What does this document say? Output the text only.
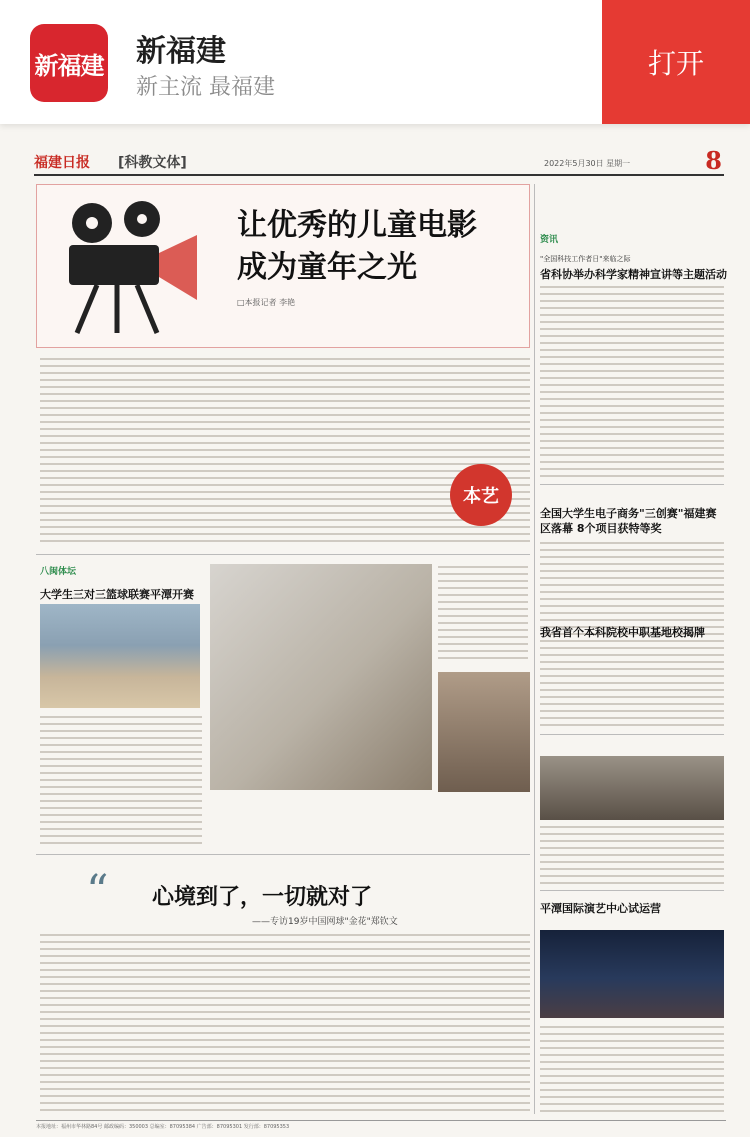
新福建 新福建
新主流 最福建
打开
福建日报 [科教文体]	2022年5月30日 星期一	8
让优秀的儿童电影
成为童年之光
□本报记者 李艳
本艺
资讯
"全国科技工作者日"来临之际
省科协举办科学家精神宣讲等主题活动
全国大学生电子商务"三创赛"福建赛区落幕 8个项目获特等奖
我省首个本科院校中职基地校揭牌
平潭国际演艺中心试运营
八闽体坛
大学生三对三篮球联赛平潭开赛
“ 心境到了，一切就对了
——专访19岁中国网球"金花"郑钦文
本报地址：福州市华林路84号 邮政编码：350003 总编室：87095384 广告部：87095301 发行部：87095353
